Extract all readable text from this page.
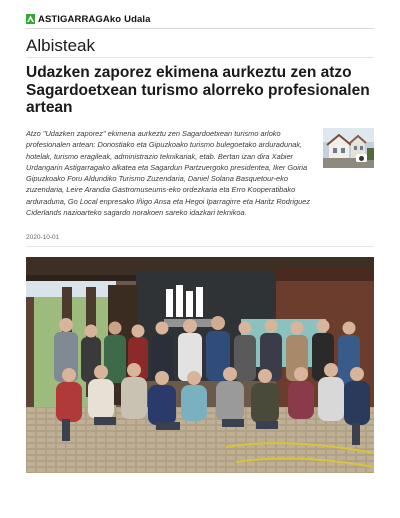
ASTIGARRAGAko Udala
Albisteak
Udazken zaporez ekimena aurkeztu zen atzo Sagardoetxean turismo alorreko profesionalen artean

Atzo "Udazken zaporez" ekimena aurkeztu zen Sagardoetxean turismo arloko profesionalen artean: Donostiako eta Gipuzkoako turismo bulegoetako arduradunak, hotelak, turismo eragileak, administrazio teknikariak, etab. Bertan izan dira Xabier Urdangarin Astigarragako alkatea eta Sagardun Partzuergoko presidentea, Iker Goiria Gipuzkoako Foru Aldundiko Turismo Zuzendaria, Daniel Solana Basquetour-eko zuzendaria, Leire Arandia Gastromuseums-eko ordezkaria eta Erro Kooperatibako arduraduna, Go Local enpresako Iñigo Ansa eta Hegoi Iparragirre eta Haritz Rodriguez Ciderlands nazioarteko sagardo norakoen sareko idazkari teknikoa.

2020-10-01
